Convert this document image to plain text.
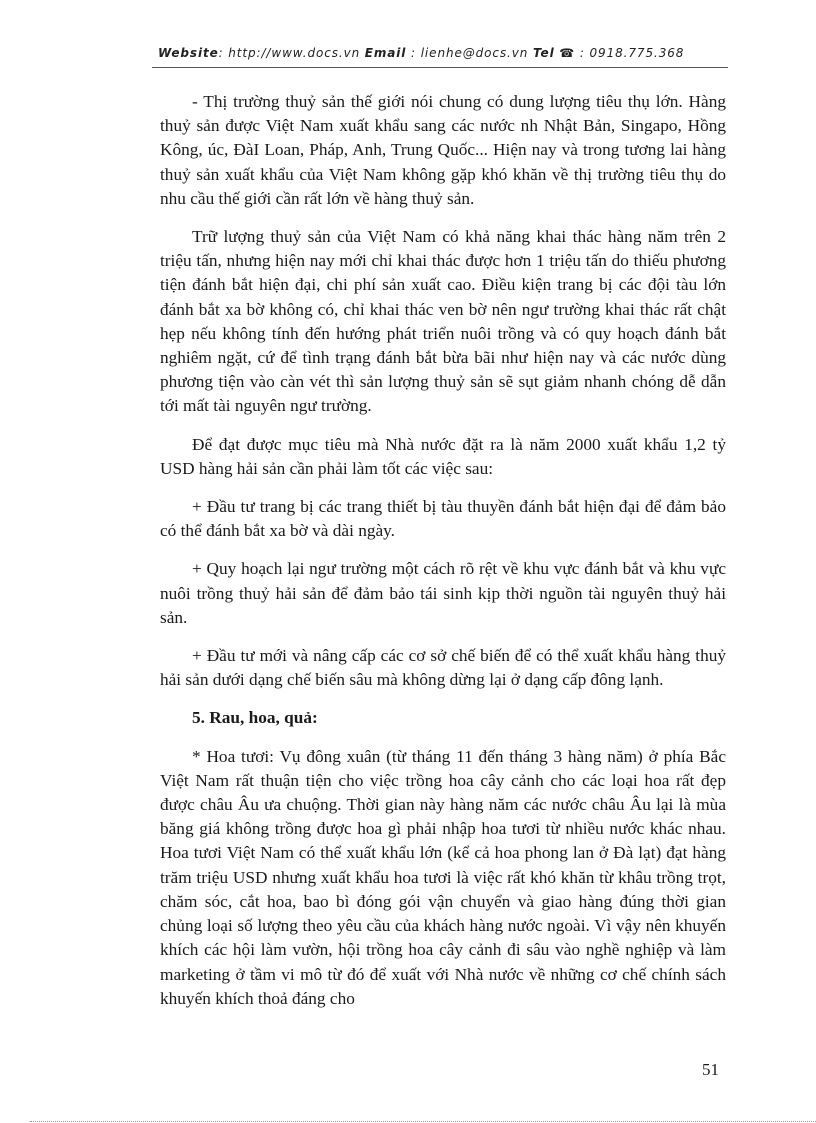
Website: http://www.docs.vn Email : lienhe@docs.vn Tel ☎ : 0918.775.368

- Thị trường thuỷ sản thế giới nói chung có dung lượng tiêu thụ lớn. Hàng thuỷ sản được Việt Nam xuất khẩu sang các nước nh Nhật Bản, Singapo, Hồng Kông, úc, ĐàI Loan, Pháp, Anh, Trung Quốc... Hiện nay và trong tương lai hàng thuỷ sản xuất khẩu của Việt Nam không gặp khó khăn về thị trường tiêu thụ do nhu cầu thế giới cần rất lớn về hàng thuỷ sản.

Trữ lượng thuỷ sản của Việt Nam có khả năng khai thác hàng năm trên 2 triệu tấn, nhưng hiện nay mới chỉ khai thác được hơn 1 triệu tấn do thiếu phương tiện đánh bắt hiện đại, chi phí sản xuất cao. Điều kiện trang bị các đội tàu lớn đánh bắt xa bờ không có, chỉ khai thác ven bờ nên ngư trường khai thác rất chật hẹp nếu không tính đến hướng phát triển nuôi trồng và có quy hoạch đánh bắt nghiêm ngặt, cứ để tình trạng đánh bắt bừa bãi như hiện nay và các nước dùng phương tiện vào càn vét thì sản lượng thuỷ sản sẽ sụt giảm nhanh chóng dễ dẫn tới mất tài nguyên ngư trường.

Để đạt được mục tiêu mà Nhà nước đặt ra là năm 2000 xuất khẩu 1,2 tỷ USD hàng hải sản cần phải làm tốt các việc sau:

+ Đầu tư trang bị các trang thiết bị tàu thuyền đánh bắt hiện đại để đảm bảo có thể đánh bắt xa bờ và dài ngày.

+ Quy hoạch lại ngư trường một cách rõ rệt về khu vực đánh bắt và khu vực nuôi trồng thuỷ hải sản để đảm bảo tái sinh kịp thời nguồn tài nguyên thuỷ hải sản.

+ Đầu tư mới và nâng cấp các cơ sở chế biến để có thể xuất khẩu hàng thuỷ hải sản dưới dạng chế biến sâu mà không dừng lại ở dạng cấp đông lạnh.

5. Rau, hoa, quả:

* Hoa tươi: Vụ đông xuân (từ tháng 11 đến tháng 3 hàng năm) ở phía Bắc Việt Nam rất thuận tiện cho việc trồng hoa cây cảnh cho các loại hoa rất đẹp được châu Âu ưa chuộng. Thời gian này hàng năm các nước châu Âu lại là mùa băng giá không trồng được hoa gì phải nhập hoa tươi từ nhiều nước khác nhau. Hoa tươi Việt Nam có thể xuất khẩu lớn (kể cả hoa phong lan ở Đà lạt) đạt hàng trăm triệu USD nhưng xuất khẩu hoa tươi là việc rất khó khăn từ khâu trồng trọt, chăm sóc, cắt hoa, bao bì đóng gói vận chuyển và giao hàng đúng thời gian chủng loại số lượng theo yêu cầu của khách hàng nước ngoài. Vì vậy nên khuyến khích các hội làm vườn, hội trồng hoa cây cảnh đi sâu vào nghề nghiệp và làm marketing ở tầm vi mô từ đó để xuất với Nhà nước về những cơ chế chính sách khuyến khích thoả đáng cho

51
